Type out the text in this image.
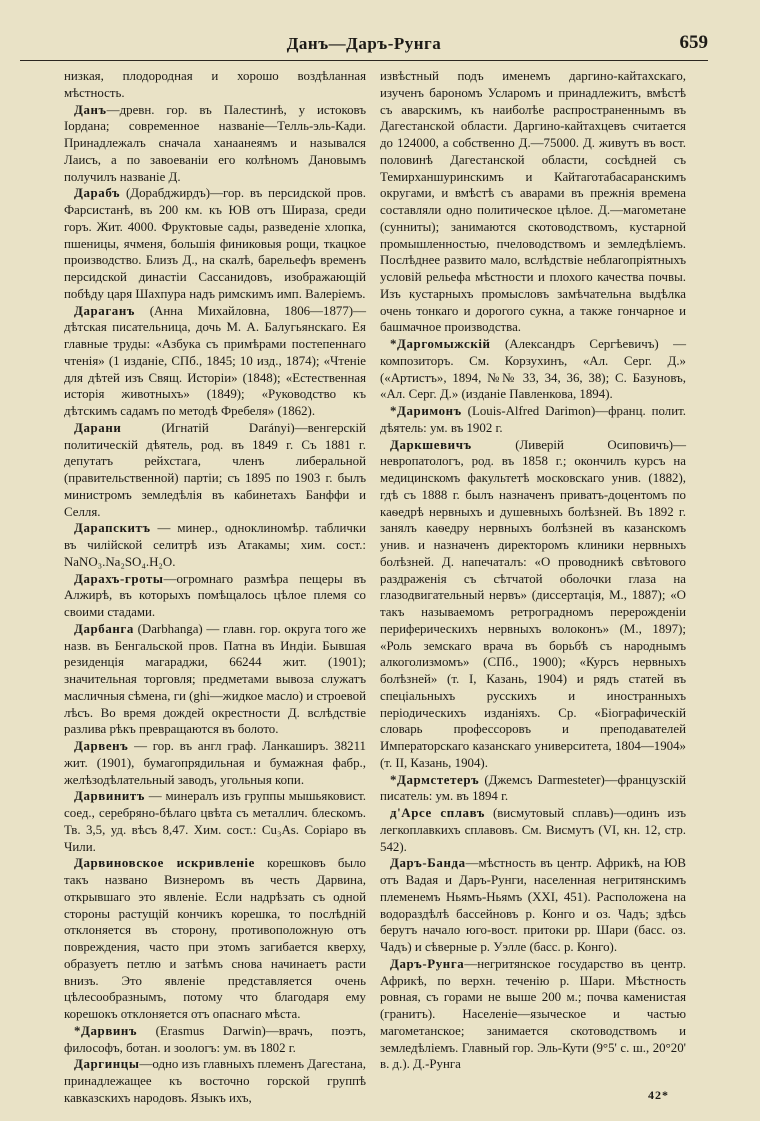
Данъ—Даръ-Рунга	659

низкая, плодородная и хорошо воздѣланная мѣстность.

Данъ—древн. гор. въ Палестинѣ, у истоковъ Іордана; современное названіе—Телль-эль-Кади. Принадлежалъ сначала ханаанеямъ и назывался Лаисъ, а по завоеваніи его колѣномъ Дановымъ получилъ названіе Д.

Дарабъ (Дорабджирдъ)—гор. въ персидской пров. Фарсистанѣ, въ 200 км. къ ЮВ отъ Шираза, среди горъ. Жит. 4000. Фруктовые сады, разведеніе хлопка, пшеницы, ячменя, большія финиковыя рощи, ткацкое производство. Близъ Д., на скалѣ, барельефъ временъ персидской династіи Сассанидовъ, изображающій побѣду царя Шахпура надъ римскимъ имп. Валеріемъ.

Дараганъ (Анна Михайловна, 1806—1877)—дѣтская писательница, дочь М. А. Балугьянскаго. Ея главные труды: «Азбука съ примѣрами постепеннаго чтенія» (1 изданіе, СПб., 1845; 10 изд., 1874); «Чтеніе для дѣтей изъ Свящ. Исторіи» (1848); «Естественная исторія животныхъ» (1849); «Руководство къ дѣтскимъ садамъ по методѣ Фребеля» (1862).

Дарани (Игнатій Darányi)—венгерскій политическій дѣятель, род. въ 1849 г. Съ 1881 г. депутатъ рейхстага, членъ либеральной (правительственной) партіи; съ 1895 по 1903 г. былъ министромъ земледѣлія въ кабинетахъ Банффи и Селля.

Дарапскитъ — минер., одноклиномѣр. таблички въ чилійской селитрѣ изъ Атакамы; хим. сост.: NaNO₃.Na₂SO₄.H₂O.

Дарахъ-гроты—огромнаго размѣра пещеры въ Алжирѣ, въ которыхъ помѣщалось цѣлое племя со своими стадами.

Дарбанга (Darbhanga) — главн. гор. округа того же назв. въ Бенгальской пров. Патна въ Индіи. Бывшая резиденція магараджи, 66244 жит. (1901); значительная торговля; предметами вывоза служатъ масличныя сѣмена, ги (ghi—жидкое масло) и строевой лѣсъ. Во время дождей окрестности Д. вслѣдствіе разлива рѣкъ превращаются въ болото.

Дарвенъ — гор. въ англ граф. Ланкаширъ. 38211 жит. (1901), бумагопрядильная и бумажная фабр., желѣзодѣлательный заводъ, угольныя копи.

Дарвинитъ — минералъ изъ группы мышьяковист. соед., серебряно-бѣлаго цвѣта съ металлич. блескомъ. Тв. 3,5, уд. вѣсъ 8,47. Хим. сост.: Cu₃As. Copiapo въ Чили.

Дарвиновское искривленіе корешковъ было такъ названо Визнеромъ въ честь Дарвина, открывшаго это явленіе. Если надрѣзать съ одной стороны растущій кончикъ корешка, то послѣдній отклоняется въ сторону, противоположную отъ повреждения, часто при этомъ загибается кверху, образуетъ петлю и затѣмъ снова начинаетъ расти внизъ. Это явленіе представляется очень цѣлесообразнымъ, потому что благодаря ему корешокъ отклоняется отъ опаснаго мѣста.

*Дарвинъ (Erasmus Darwin)—врачъ, поэтъ, философъ, ботан. и зоологъ: ум. въ 1802 г.

Даргинцы—одно изъ главныхъ племенъ Дагестана, принадлежащее къ восточно горской группѣ кавказскихъ народовъ. Языкъ ихъ,

извѣстный подъ именемъ даргино-кайтахскаго, изученъ барономъ Усларомъ и принадлежитъ, вмѣстѣ съ аварскимъ, къ наиболѣе распространеннымъ въ Дагестанской области. Даргино-кайтахцевъ считается до 124000, а собственно Д.—75000. Д. живутъ въ вост. половинѣ Дагестанской области, сосѣдней съ Темирханшуринскимъ и Кайтаготабасаранскимъ округами, и вмѣстѣ съ аварами въ прежнія времена составляли одно политическое цѣлое. Д.—магометане (сунниты); занимаются скотоводствомъ, кустарной промышленностью, пчеловодствомъ и земледѣліемъ. Послѣднее развито мало, вслѣдствіе неблагопріятныхъ условій рельефа мѣстности и плохого качества почвы. Изъ кустарныхъ промысловъ замѣчательна выдѣлка очень тонкаго и дорогого сукна, а также гончарное и башмачное производства.

*Даргомыжскій (Александръ Сергѣевичъ) — композиторъ. См. Корзухинъ, «Ал. Серг. Д.» («Артистъ», 1894, №№ 33, 34, 36, 38); С. Базуновъ, «Ал. Серг. Д.» (изданіе Павленкова, 1894).

*Даримонъ (Louis-Alfred Darimon)—франц. полит. дѣятель: ум. въ 1902 г.

Даркшевичъ (Ливерій Осиповичъ)—невропатологъ, род. въ 1858 г.; окончилъ курсъ на медицинскомъ факультетѣ московскаго унив. (1882), гдѣ съ 1888 г. былъ назначенъ приватъ-доцентомъ по каѳедрѣ нервныхъ и душевныхъ болѣзней. Въ 1892 г. занялъ каѳедру нервныхъ болѣзней въ казанскомъ унив. и назначенъ директоромъ клиники нервныхъ болѣзней. Д. напечаталъ: «О проводникѣ свѣтового раздраженія съ сѣтчатой оболочки глаза на глазодвигательный нервъ» (диссертація, М., 1887); «О такъ называемомъ ретроградномъ перерожденіи периферическихъ нервныхъ волоконъ» (М., 1897); «Роль земскаго врача въ борьбѣ съ народнымъ алкоголизмомъ» (СПб., 1900); «Курсъ нервныхъ болѣзней» (т. I, Казань, 1904) и рядъ статей въ спеціальныхъ русскихъ и иностранныхъ періодическихъ изданіяхъ. Ср. «Біографическій словарь профессоровъ и преподавателей Императорскаго казанскаго университета, 1804—1904» (т. II, Казань, 1904).

*Дармстетеръ (Джемсъ Darmesteter)—французскій писатель: ум. въ 1894 г.

д'Арсе сплавъ (висмутовый сплавъ)—одинъ изъ легкоплавкихъ сплавовъ. См. Висмутъ (VI, кн. 12, стр. 542).

Даръ-Банда—мѣстность въ центр. Африкѣ, на ЮВ отъ Вадая и Даръ-Рунги, населенная негритянскимъ племенемъ Ньямъ-Ньямъ (XXI, 451). Расположена на водораздѣлѣ бассейновъ р. Конго и оз. Чадъ; здѣсь берутъ начало юго-вост. притоки рр. Шари (басс. оз. Чадъ) и сѣверные р. Уэлле (басс. р. Конго).

Даръ-Рунга—негритянское государство въ центр. Африкѣ, по верхн. теченію р. Шари. Мѣстность ровная, съ горами не выше 200 м.; почва каменистая (гранитъ). Населеніе—языческое и частью магометанское; занимается скотоводствомъ и земледѣліемъ. Главный гор. Эль-Кути (9°5' с. ш., 20°20' в. д.). Д.-Рунга

42*
